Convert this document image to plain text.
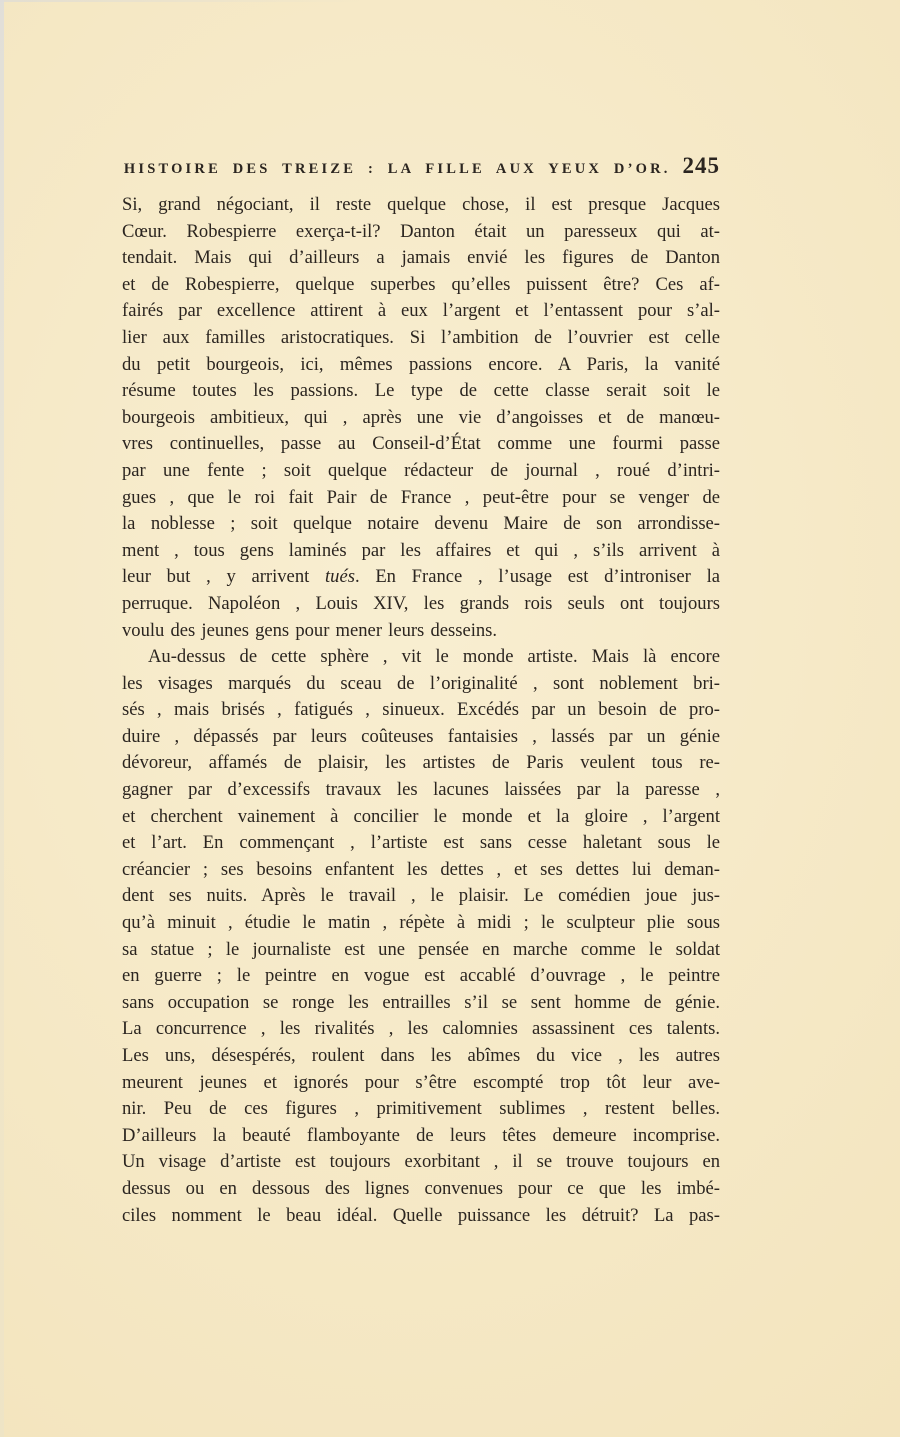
HISTOIRE DES TREIZE : LA FILLE AUX YEUX D’OR. 245
Si, grand négociant, il reste quelque chose, il est presque Jacques
Cœur. Robespierre exerça-t-il? Danton était un paresseux qui at-
tendait. Mais qui d’ailleurs a jamais envié les figures de Danton
et de Robespierre, quelque superbes qu’elles puissent être? Ces af-
fairés par excellence attirent à eux l’argent et l’entassent pour s’al-
lier aux familles aristocratiques. Si l’ambition de l’ouvrier est celle
du petit bourgeois, ici, mêmes passions encore. A Paris, la vanité
résume toutes les passions. Le type de cette classe serait soit le
bourgeois ambitieux, qui , après une vie d’angoisses et de manœu-
vres continuelles, passe au Conseil-d’État comme une fourmi passe
par une fente ; soit quelque rédacteur de journal , roué d’intri-
gues , que le roi fait Pair de France , peut-être pour se venger de
la noblesse ; soit quelque notaire devenu Maire de son arrondisse-
ment , tous gens laminés par les affaires et qui , s’ils arrivent à
leur but , y arrivent tués. En France , l’usage est d’introniser la
perruque. Napoléon , Louis XIV, les grands rois seuls ont toujours
voulu des jeunes gens pour mener leurs desseins.
Au-dessus de cette sphère , vit le monde artiste. Mais là encore
les visages marqués du sceau de l’originalité , sont noblement bri-
sés , mais brisés , fatigués , sinueux. Excédés par un besoin de pro-
duire , dépassés par leurs coûteuses fantaisies , lassés par un génie
dévoreur, affamés de plaisir, les artistes de Paris veulent tous re-
gagner par d’excessifs travaux les lacunes laissées par la paresse ,
et cherchent vainement à concilier le monde et la gloire , l’argent
et l’art. En commençant , l’artiste est sans cesse haletant sous le
créancier ; ses besoins enfantent les dettes , et ses dettes lui deman-
dent ses nuits. Après le travail , le plaisir. Le comédien joue jus-
qu’à minuit , étudie le matin , répète à midi ; le sculpteur plie sous
sa statue ; le journaliste est une pensée en marche comme le soldat
en guerre ; le peintre en vogue est accablé d’ouvrage , le peintre
sans occupation se ronge les entrailles s’il se sent homme de génie.
La concurrence , les rivalités , les calomnies assassinent ces talents.
Les uns, désespérés, roulent dans les abîmes du vice , les autres
meurent jeunes et ignorés pour s’être escompté trop tôt leur ave-
nir. Peu de ces figures , primitivement sublimes , restent belles.
D’ailleurs la beauté flamboyante de leurs têtes demeure incomprise.
Un visage d’artiste est toujours exorbitant , il se trouve toujours en
dessus ou en dessous des lignes convenues pour ce que les imbé-
ciles nomment le beau idéal. Quelle puissance les détruit? La pas-
